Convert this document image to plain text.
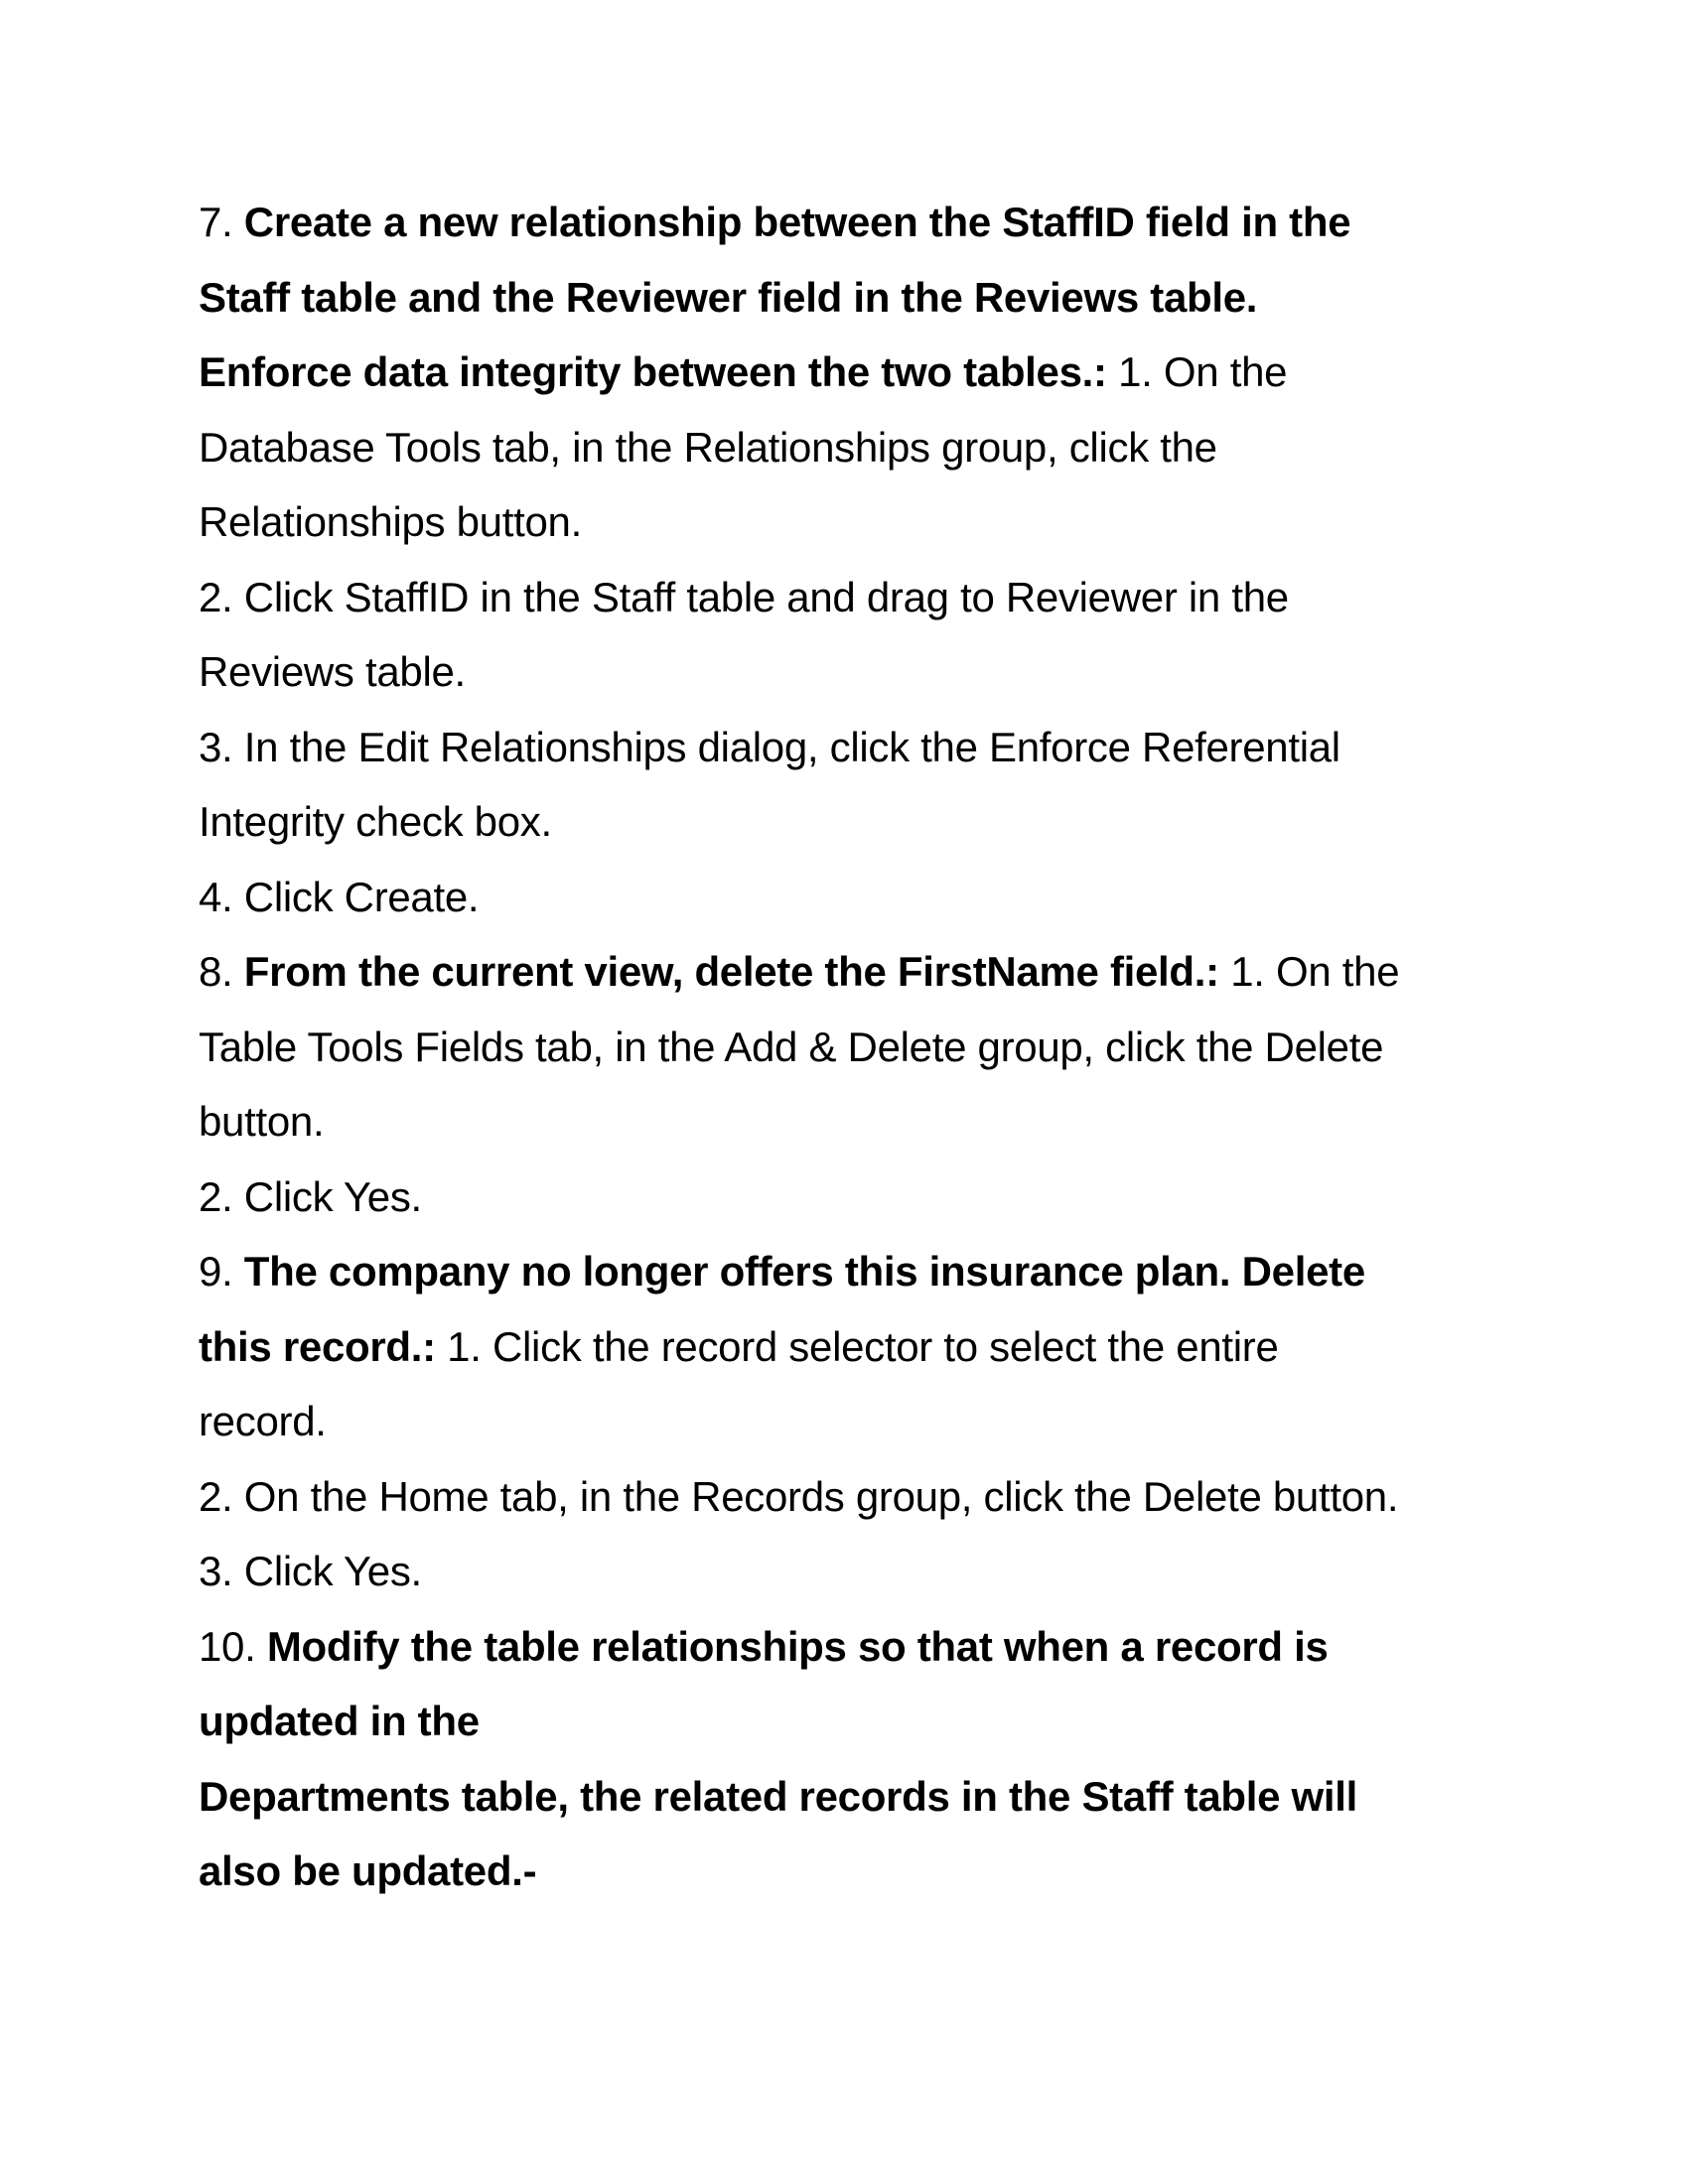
7. Create a new relationship between the StaffID field in the
Staff table and the Reviewer field in the Reviews table.
Enforce data integrity between the two tables.: 1. On the
Database Tools tab, in the Relationships group, click the
Relationships button.
2. Click StaffID in the Staff table and drag to Reviewer in the
Reviews table.
3. In the Edit Relationships dialog, click the Enforce Referential
Integrity check box.
4. Click Create.
8. From the current view, delete the FirstName field.: 1. On the
Table Tools Fields tab, in the Add & Delete group, click the Delete
button.
2. Click Yes.
9. The company no longer offers this insurance plan. Delete
this record.: 1. Click the record selector to select the entire
record.
2. On the Home tab, in the Records group, click the Delete button.
3. Click Yes.
10. Modify the table relationships so that when a record is
updated in the
Departments table, the related records in the Staff table will
also be updated.-
